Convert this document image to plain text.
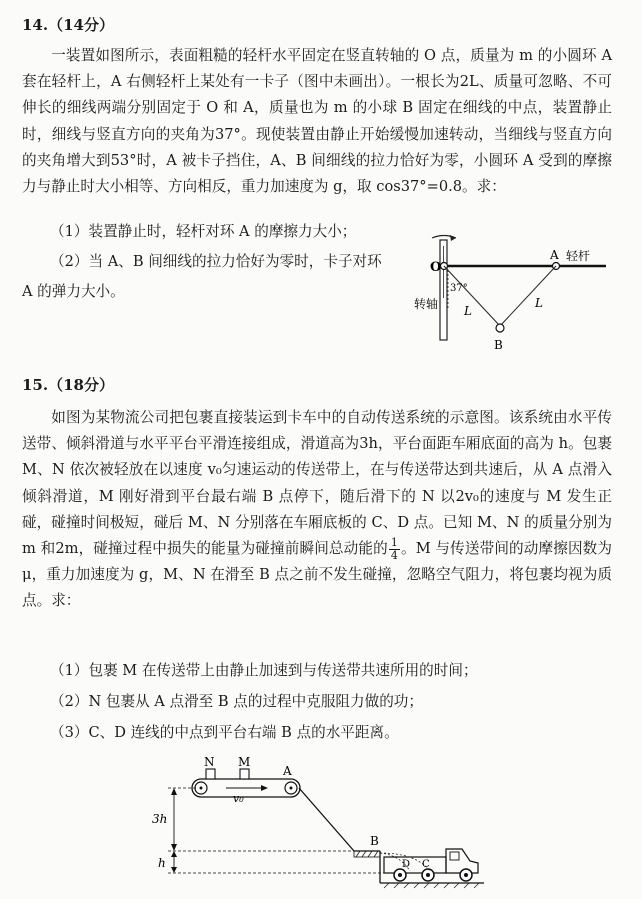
14.（14分）
一装置如图所示，表面粗糙的轻杆水平固定在竖直转轴的 O 点，质量为 m 的小圆环 A 套在轻杆上，A 右侧轻杆上某处有一卡子（图中未画出）。一根长为2L、质量可忽略、不可伸长的细线两端分别固定于 O 和 A，质量也为 m 的小球 B 固定在细线的中点，装置静止时，细线与竖直方向的夹角为37°。现使装置由静止开始缓慢加速转动，当细线与竖直方向的夹角增大到53°时，A 被卡子挡住，A、B 间细线的拉力恰好为零，小圆环 A 受到的摩擦力与静止时大小相等、方向相反，重力加速度为 g，取 cos37°=0.8。求：
（1）装置静止时，轻杆对环 A 的摩擦力大小；
（2）当 A、B 间细线的拉力恰好为零时，卡子对环
A 的弹力大小。
O
A 轻杆
转轴
37°
L
L
B
15.（18分）
如图为某物流公司把包裹直接装运到卡车中的自动传送系统的示意图。该系统由水平传送带、倾斜滑道与水平平台平滑连接组成，滑道高为3h，平台面距车厢底面的高为 h。包裹 M、N 依次被轻放在以速度 v₀匀速运动的传送带上，在与传送带达到共速后，从 A 点滑入倾斜滑道，M 刚好滑到平台最右端 B 点停下，随后滑下的 N 以2v₀的速度与 M 发生正碰，碰撞时间极短，碰后 M、N 分别落在车厢底板的 C、D 点。已知 M、N 的质量分别为 m 和2m，碰撞过程中损失的能量为碰撞前瞬间总动能的 $\frac{1}{4}$ 。M 与传送带间的动摩擦因数为 μ，重力加速度为 g，M、N 在滑至 B 点之前不发生碰撞，忽略空气阻力，将包裹均视为质点。求：
（1）包裹 M 在传送带上由静止加速到与传送带共速所用的时间；
（2）N 包裹从 A 点滑至 B 点的过程中克服阻力做的功；
（3）C、D 连线的中点到平台右端 B 点的水平距离。
v₀
N M
A
B
3h
h	D C
